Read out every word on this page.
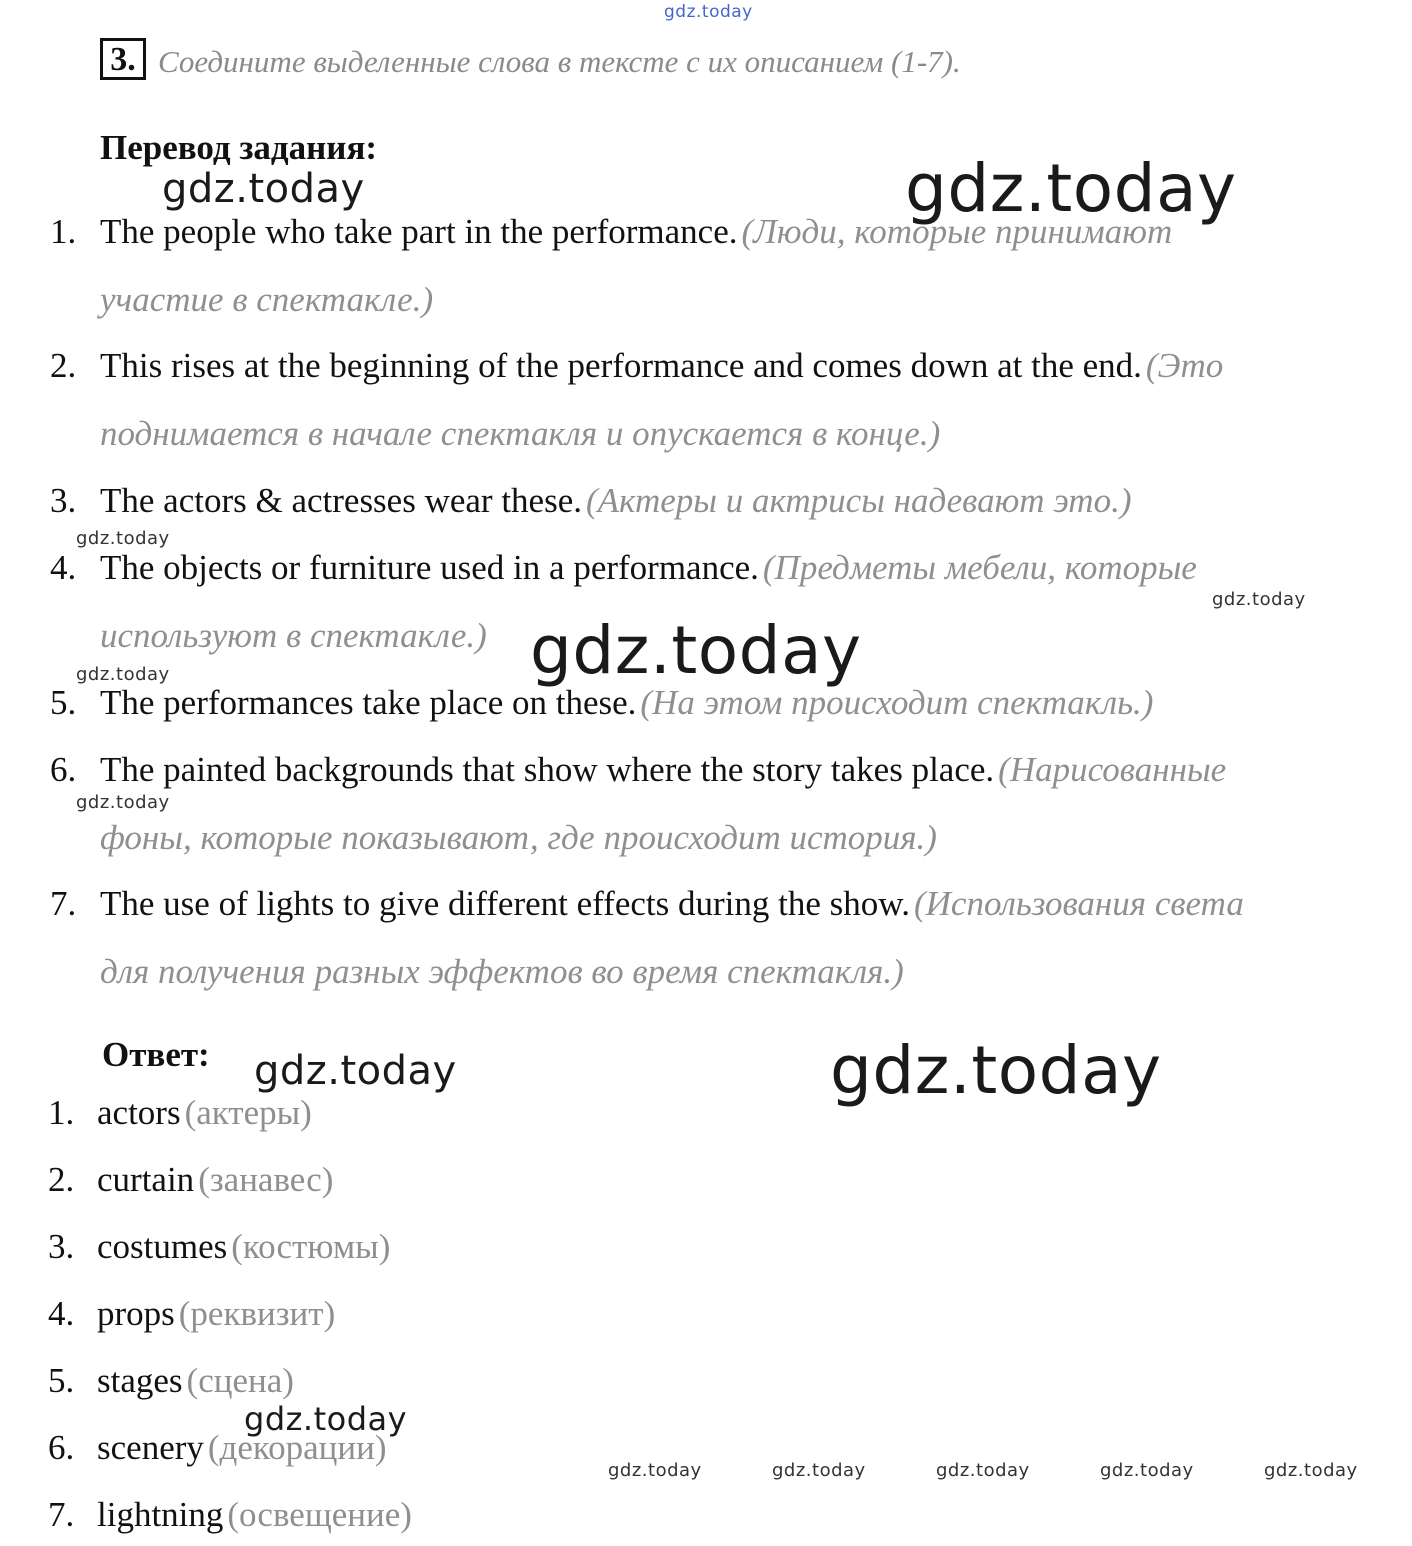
gdz.today
3. Соедините выделенные слова в тексте с их описанием (1-7).
Перевод задания:
1. The people who take part in the performance. (Люди, которые принимают
участие в спектакле.)
2. This rises at the beginning of the performance and comes down at the end. (Это
поднимается в начале спектакля и опускается в конце.)
3. The actors & actresses wear these. (Актеры и актрисы надевают это.)
4. The objects or furniture used in a performance. (Предметы мебели, которые
используют в спектакле.)
5. The performances take place on these. (На этом происходит спектакль.)
6. The painted backgrounds that show where the story takes place. (Нарисованные
фоны, которые показывают, где происходит история.)
7. The use of lights to give different effects during the show. (Использования света
для получения разных эффектов во время спектакля.)
Ответ:
1. actors (актеры)
2. curtain (занавес)
3. costumes (костюмы)
4. props (реквизит)
5. stages (сцена)
6. scenery (декорации)
7. lightning (освещение)
gdz.today	gdz.today
gdz.today
gdz.today
gdz.today
gdz.today
gdz.today
gdz.today	gdz.today
gdz.today
gdz.today	gdz.today	gdz.today	gdz.today	gdz.today
